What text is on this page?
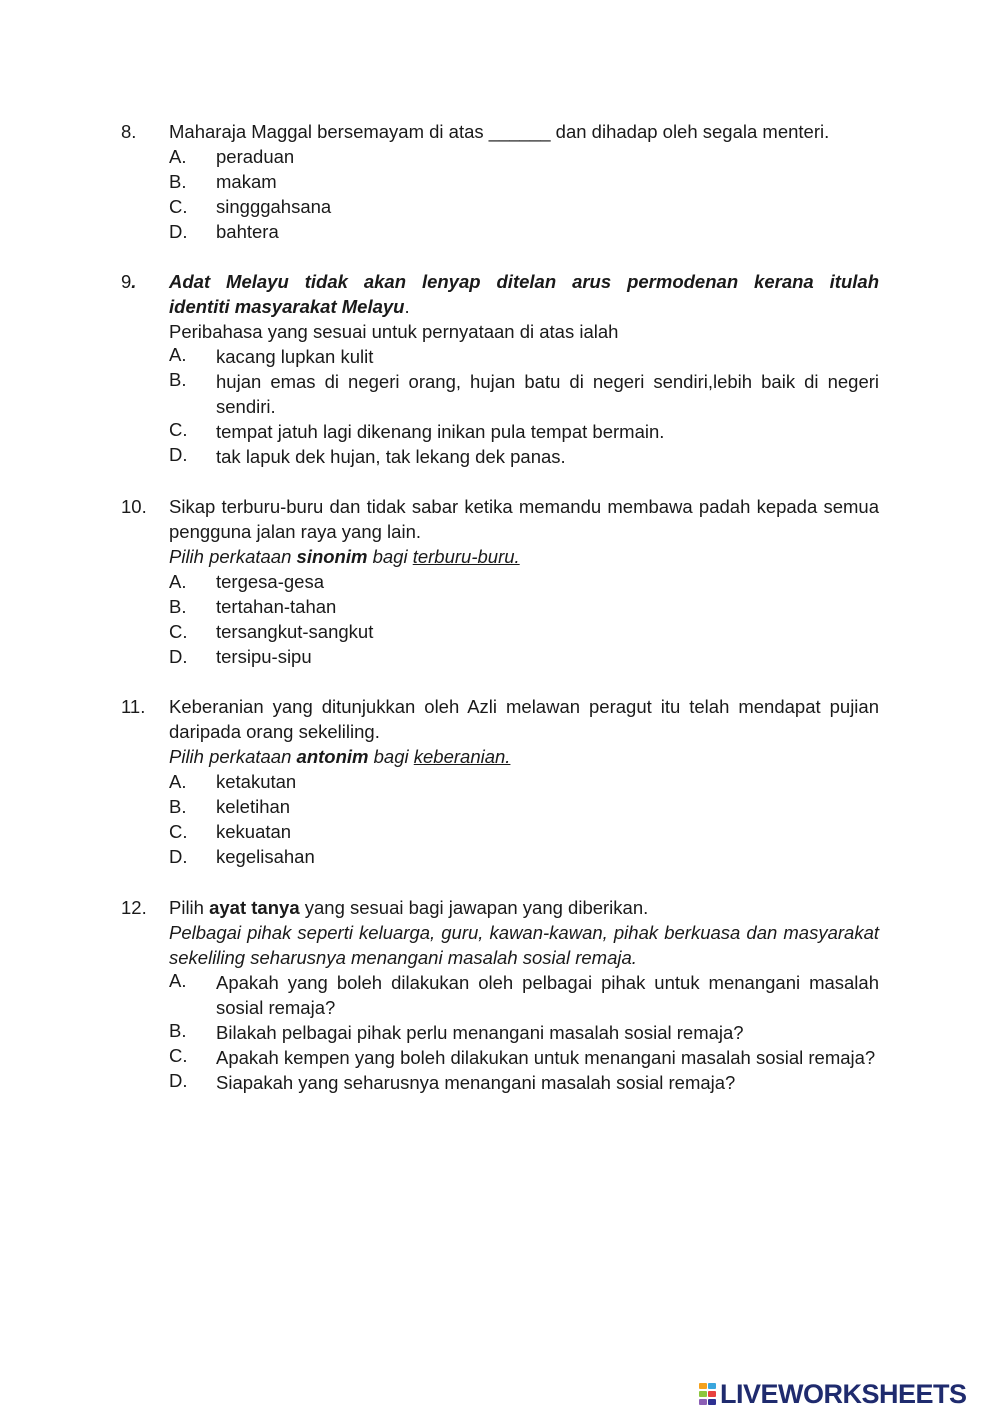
8. Maharaja Maggal bersemayam di atas ______ dan dihadap oleh segala menteri.
A. peraduan
B. makam
C. singggahsana
D. bahtera
9. Adat Melayu tidak akan lenyap ditelan arus permodenan kerana itulah
identiti masyarakat Melayu.
Peribahasa yang sesuai untuk pernyataan di atas ialah
A. kacang lupkan kulit
B. hujan emas di negeri orang, hujan batu di negeri sendiri,lebih baik di negeri sendiri.
C. tempat jatuh lagi dikenang inikan pula tempat bermain.
D. tak lapuk dek hujan, tak lekang dek panas.
10. Sikap terburu-buru dan tidak sabar ketika memandu membawa padah kepada semua pengguna jalan raya yang lain.
Pilih perkataan sinonim bagi terburu-buru.
A. tergesa-gesa
B. tertahan-tahan
C. tersangkut-sangkut
D. tersipu-sipu
11. Keberanian yang ditunjukkan oleh Azli melawan peragut itu telah mendapat pujian daripada orang sekeliling.
Pilih perkataan antonim bagi keberanian.
A. ketakutan
B. keletihan
C. kekuatan
D. kegelisahan
12. Pilih ayat tanya yang sesuai bagi jawapan yang diberikan.
Pelbagai pihak seperti keluarga, guru, kawan-kawan, pihak berkuasa dan masyarakat sekeliling seharusnya menangani masalah sosial remaja.
A. Apakah yang boleh dilakukan oleh pelbagai pihak untuk menangani masalah sosial remaja?
B. Bilakah pelbagai pihak perlu menangani masalah sosial remaja?
C. Apakah kempen yang boleh dilakukan untuk menangani masalah sosial remaja?
D. Siapakah yang seharusnya menangani masalah sosial remaja?
LIVEWORKSHEETS
